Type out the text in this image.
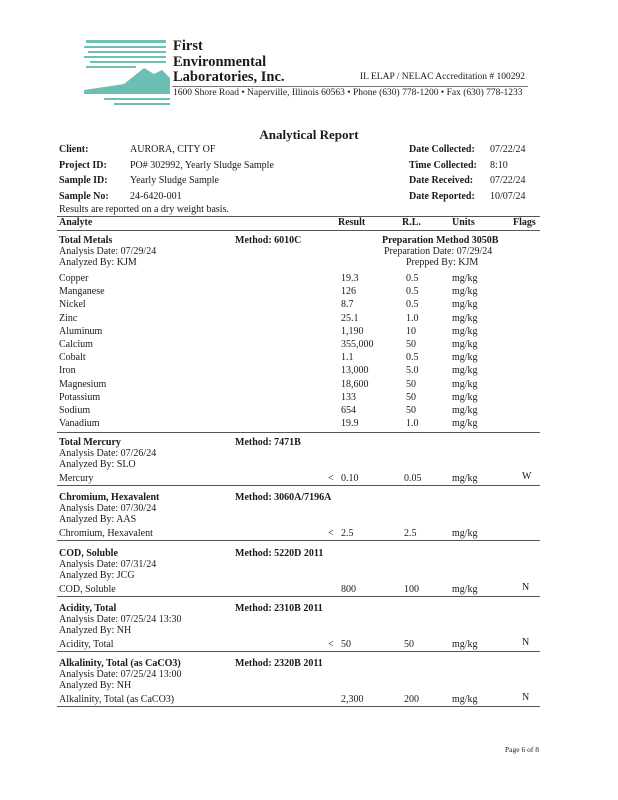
First
Environmental
Laboratories, Inc.	IL ELAP / NELAC Accreditation # 100292
1600 Shore Road • Naperville, Illinois 60563 • Phone (630) 778-1200 • Fax (630) 778-1233
Analytical Report
Client:	AURORA, CITY OF
Project ID: PO# 302992, Yearly Sludge Sample
Sample ID: Yearly Sludge Sample
Sample No: 24-6420-001
Date Collected: 07/22/24
Time Collected: 8:10
Date Received: 07/22/24
Date Reported: 10/07/24
Results are reported on a dry weight basis.
Analyte	Result	R.L.	Units	Flags
Total Metals	Method: 6010C
Analysis Date: 07/29/24
Analyzed By: KJM
Preparation Method 3050B
Preparation Date: 07/29/24
Prepped By: KJM
Copper	19.3	0.5	mg/kg
Manganese	126	0.5	mg/kg
Nickel	8.7	0.5	mg/kg
Zinc	25.1	1.0	mg/kg
Aluminum	1,190	10	mg/kg
Calcium	355,000	50	mg/kg
Cobalt	1.1	0.5	mg/kg
Iron	13,000	5.0	mg/kg
Magnesium	18,600	50	mg/kg
Potassium	133	50	mg/kg
Sodium	654	50	mg/kg
Vanadium	19.9	1.0	mg/kg
Total Mercury	Method: 7471B
Analysis Date: 07/26/24
Analyzed By: SLO
Mercury	< 0.10	0.05	mg/kg	W
Chromium, Hexavalent	Method: 3060A/7196A
Analysis Date: 07/30/24
Analyzed By: AAS
Chromium, Hexavalent	< 2.5	2.5	mg/kg
COD, Soluble	Method: 5220D 2011
Analysis Date: 07/31/24
Analyzed By: JCG
COD, Soluble	800	100	mg/kg	N
Acidity, Total	Method: 2310B 2011
Analysis Date: 07/25/24 13:30
Analyzed By: NH
Acidity, Total	< 50	50	mg/kg	N
Alkalinity, Total (as CaCO3)	Method: 2320B 2011
Analysis Date: 07/25/24 13:00
Analyzed By: NH
Alkalinity, Total (as CaCO3)	2,300	200	mg/kg	N
Page 6 of 8
